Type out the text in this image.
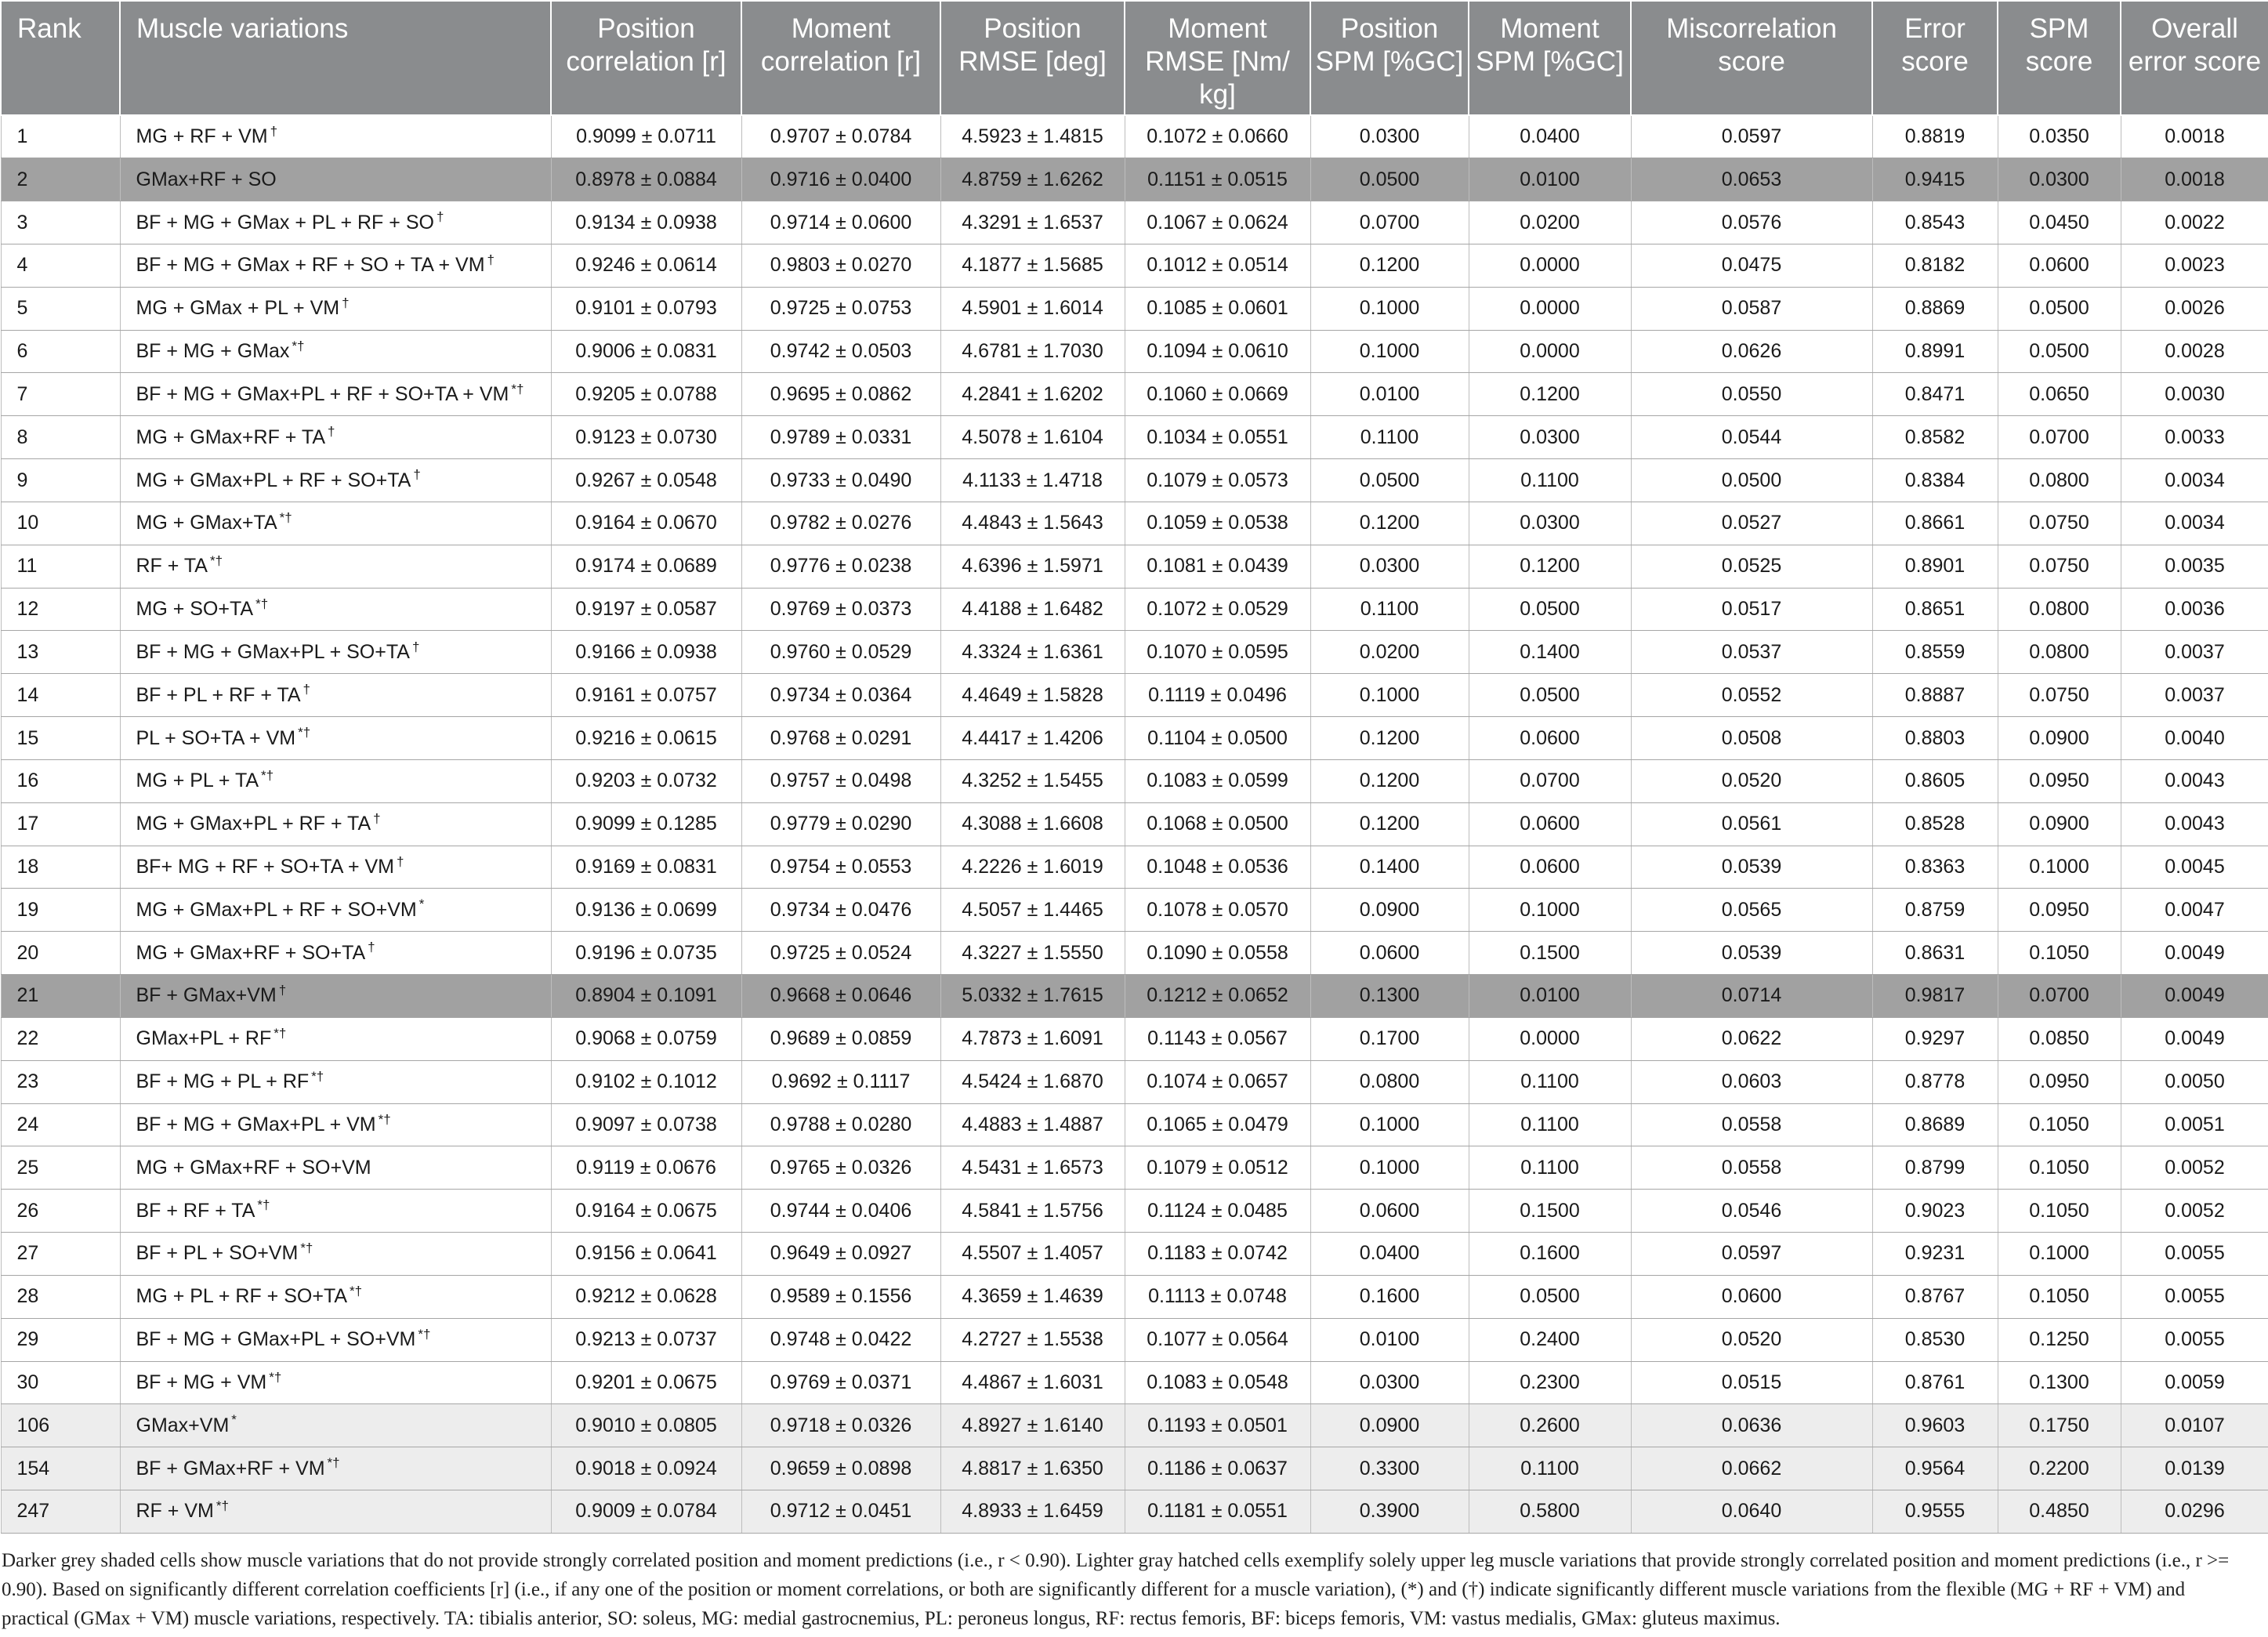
Rank	Muscle variations	Position correlation [r]	Moment correlation [r]	Position RMSE [deg]	Moment RMSE [Nm/ kg]	Position SPM [%GC]	Moment SPM [%GC]	Miscorrelation score	Error score	SPM score	Overall error score
1	MG + RF + VM †	0.9099 ± 0.0711	0.9707 ± 0.0784	4.5923 ± 1.4815	0.1072 ± 0.0660	0.0300	0.0400	0.0597	0.8819	0.0350	0.0018
2	GMax+RF + SO	0.8978 ± 0.0884	0.9716 ± 0.0400	4.8759 ± 1.6262	0.1151 ± 0.0515	0.0500	0.0100	0.0653	0.9415	0.0300	0.0018
3	BF + MG + GMax + PL + RF + SO †	0.9134 ± 0.0938	0.9714 ± 0.0600	4.3291 ± 1.6537	0.1067 ± 0.0624	0.0700	0.0200	0.0576	0.8543	0.0450	0.0022
4	BF + MG + GMax + RF + SO + TA + VM †	0.9246 ± 0.0614	0.9803 ± 0.0270	4.1877 ± 1.5685	0.1012 ± 0.0514	0.1200	0.0000	0.0475	0.8182	0.0600	0.0023
5	MG + GMax + PL + VM †	0.9101 ± 0.0793	0.9725 ± 0.0753	4.5901 ± 1.6014	0.1085 ± 0.0601	0.1000	0.0000	0.0587	0.8869	0.0500	0.0026
6	BF + MG + GMax *†	0.9006 ± 0.0831	0.9742 ± 0.0503	4.6781 ± 1.7030	0.1094 ± 0.0610	0.1000	0.0000	0.0626	0.8991	0.0500	0.0028
7	BF + MG + GMax+PL + RF + SO+TA + VM *†	0.9205 ± 0.0788	0.9695 ± 0.0862	4.2841 ± 1.6202	0.1060 ± 0.0669	0.0100	0.1200	0.0550	0.8471	0.0650	0.0030
8	MG + GMax+RF + TA †	0.9123 ± 0.0730	0.9789 ± 0.0331	4.5078 ± 1.6104	0.1034 ± 0.0551	0.1100	0.0300	0.0544	0.8582	0.0700	0.0033
9	MG + GMax+PL + RF + SO+TA †	0.9267 ± 0.0548	0.9733 ± 0.0490	4.1133 ± 1.4718	0.1079 ± 0.0573	0.0500	0.1100	0.0500	0.8384	0.0800	0.0034
10	MG + GMax+TA *†	0.9164 ± 0.0670	0.9782 ± 0.0276	4.4843 ± 1.5643	0.1059 ± 0.0538	0.1200	0.0300	0.0527	0.8661	0.0750	0.0034
11	RF + TA *†	0.9174 ± 0.0689	0.9776 ± 0.0238	4.6396 ± 1.5971	0.1081 ± 0.0439	0.0300	0.1200	0.0525	0.8901	0.0750	0.0035
12	MG + SO+TA *†	0.9197 ± 0.0587	0.9769 ± 0.0373	4.4188 ± 1.6482	0.1072 ± 0.0529	0.1100	0.0500	0.0517	0.8651	0.0800	0.0036
13	BF + MG + GMax+PL + SO+TA †	0.9166 ± 0.0938	0.9760 ± 0.0529	4.3324 ± 1.6361	0.1070 ± 0.0595	0.0200	0.1400	0.0537	0.8559	0.0800	0.0037
14	BF + PL + RF + TA †	0.9161 ± 0.0757	0.9734 ± 0.0364	4.4649 ± 1.5828	0.1119 ± 0.0496	0.1000	0.0500	0.0552	0.8887	0.0750	0.0037
15	PL + SO+TA + VM *†	0.9216 ± 0.0615	0.9768 ± 0.0291	4.4417 ± 1.4206	0.1104 ± 0.0500	0.1200	0.0600	0.0508	0.8803	0.0900	0.0040
16	MG + PL + TA *†	0.9203 ± 0.0732	0.9757 ± 0.0498	4.3252 ± 1.5455	0.1083 ± 0.0599	0.1200	0.0700	0.0520	0.8605	0.0950	0.0043
17	MG + GMax+PL + RF + TA †	0.9099 ± 0.1285	0.9779 ± 0.0290	4.3088 ± 1.6608	0.1068 ± 0.0500	0.1200	0.0600	0.0561	0.8528	0.0900	0.0043
18	BF+ MG + RF + SO+TA + VM †	0.9169 ± 0.0831	0.9754 ± 0.0553	4.2226 ± 1.6019	0.1048 ± 0.0536	0.1400	0.0600	0.0539	0.8363	0.1000	0.0045
19	MG + GMax+PL + RF + SO+VM *	0.9136 ± 0.0699	0.9734 ± 0.0476	4.5057 ± 1.4465	0.1078 ± 0.0570	0.0900	0.1000	0.0565	0.8759	0.0950	0.0047
20	MG + GMax+RF + SO+TA †	0.9196 ± 0.0735	0.9725 ± 0.0524	4.3227 ± 1.5550	0.1090 ± 0.0558	0.0600	0.1500	0.0539	0.8631	0.1050	0.0049
21	BF + GMax+VM †	0.8904 ± 0.1091	0.9668 ± 0.0646	5.0332 ± 1.7615	0.1212 ± 0.0652	0.1300	0.0100	0.0714	0.9817	0.0700	0.0049
22	GMax+PL + RF *†	0.9068 ± 0.0759	0.9689 ± 0.0859	4.7873 ± 1.6091	0.1143 ± 0.0567	0.1700	0.0000	0.0622	0.9297	0.0850	0.0049
23	BF + MG + PL + RF *†	0.9102 ± 0.1012	0.9692 ± 0.1117	4.5424 ± 1.6870	0.1074 ± 0.0657	0.0800	0.1100	0.0603	0.8778	0.0950	0.0050
24	BF + MG + GMax+PL + VM *†	0.9097 ± 0.0738	0.9788 ± 0.0280	4.4883 ± 1.4887	0.1065 ± 0.0479	0.1000	0.1100	0.0558	0.8689	0.1050	0.0051
25	MG + GMax+RF + SO+VM	0.9119 ± 0.0676	0.9765 ± 0.0326	4.5431 ± 1.6573	0.1079 ± 0.0512	0.1000	0.1100	0.0558	0.8799	0.1050	0.0052
26	BF + RF + TA *†	0.9164 ± 0.0675	0.9744 ± 0.0406	4.5841 ± 1.5756	0.1124 ± 0.0485	0.0600	0.1500	0.0546	0.9023	0.1050	0.0052
27	BF + PL + SO+VM *†	0.9156 ± 0.0641	0.9649 ± 0.0927	4.5507 ± 1.4057	0.1183 ± 0.0742	0.0400	0.1600	0.0597	0.9231	0.1000	0.0055
28	MG + PL + RF + SO+TA *†	0.9212 ± 0.0628	0.9589 ± 0.1556	4.3659 ± 1.4639	0.1113 ± 0.0748	0.1600	0.0500	0.0600	0.8767	0.1050	0.0055
29	BF + MG + GMax+PL + SO+VM *†	0.9213 ± 0.0737	0.9748 ± 0.0422	4.2727 ± 1.5538	0.1077 ± 0.0564	0.0100	0.2400	0.0520	0.8530	0.1250	0.0055
30	BF + MG + VM *†	0.9201 ± 0.0675	0.9769 ± 0.0371	4.4867 ± 1.6031	0.1083 ± 0.0548	0.0300	0.2300	0.0515	0.8761	0.1300	0.0059
106	GMax+VM *	0.9010 ± 0.0805	0.9718 ± 0.0326	4.8927 ± 1.6140	0.1193 ± 0.0501	0.0900	0.2600	0.0636	0.9603	0.1750	0.0107
154	BF + GMax+RF + VM *†	0.9018 ± 0.0924	0.9659 ± 0.0898	4.8817 ± 1.6350	0.1186 ± 0.0637	0.3300	0.1100	0.0662	0.9564	0.2200	0.0139
247	RF + VM *†	0.9009 ± 0.0784	0.9712 ± 0.0451	4.8933 ± 1.6459	0.1181 ± 0.0551	0.3900	0.5800	0.0640	0.9555	0.4850	0.0296
Darker grey shaded cells show muscle variations that do not provide strongly correlated position and moment predictions (i.e., r < 0.90). Lighter gray hatched cells exemplify solely upper leg muscle variations that provide strongly correlated position and moment predictions (i.e., r >= 0.90). Based on significantly different correlation coefficients [r] (i.e., if any one of the position or moment correlations, or both are significantly different for a muscle variation), (*) and (†) indicate significantly different muscle variations from the flexible (MG + RF + VM) and practical (GMax + VM) muscle variations, respectively. TA: tibialis anterior, SO: soleus, MG: medial gastrocnemius, PL: peroneus longus, RF: rectus femoris, BF: biceps femoris, VM: vastus medialis, GMax: gluteus maximus.
